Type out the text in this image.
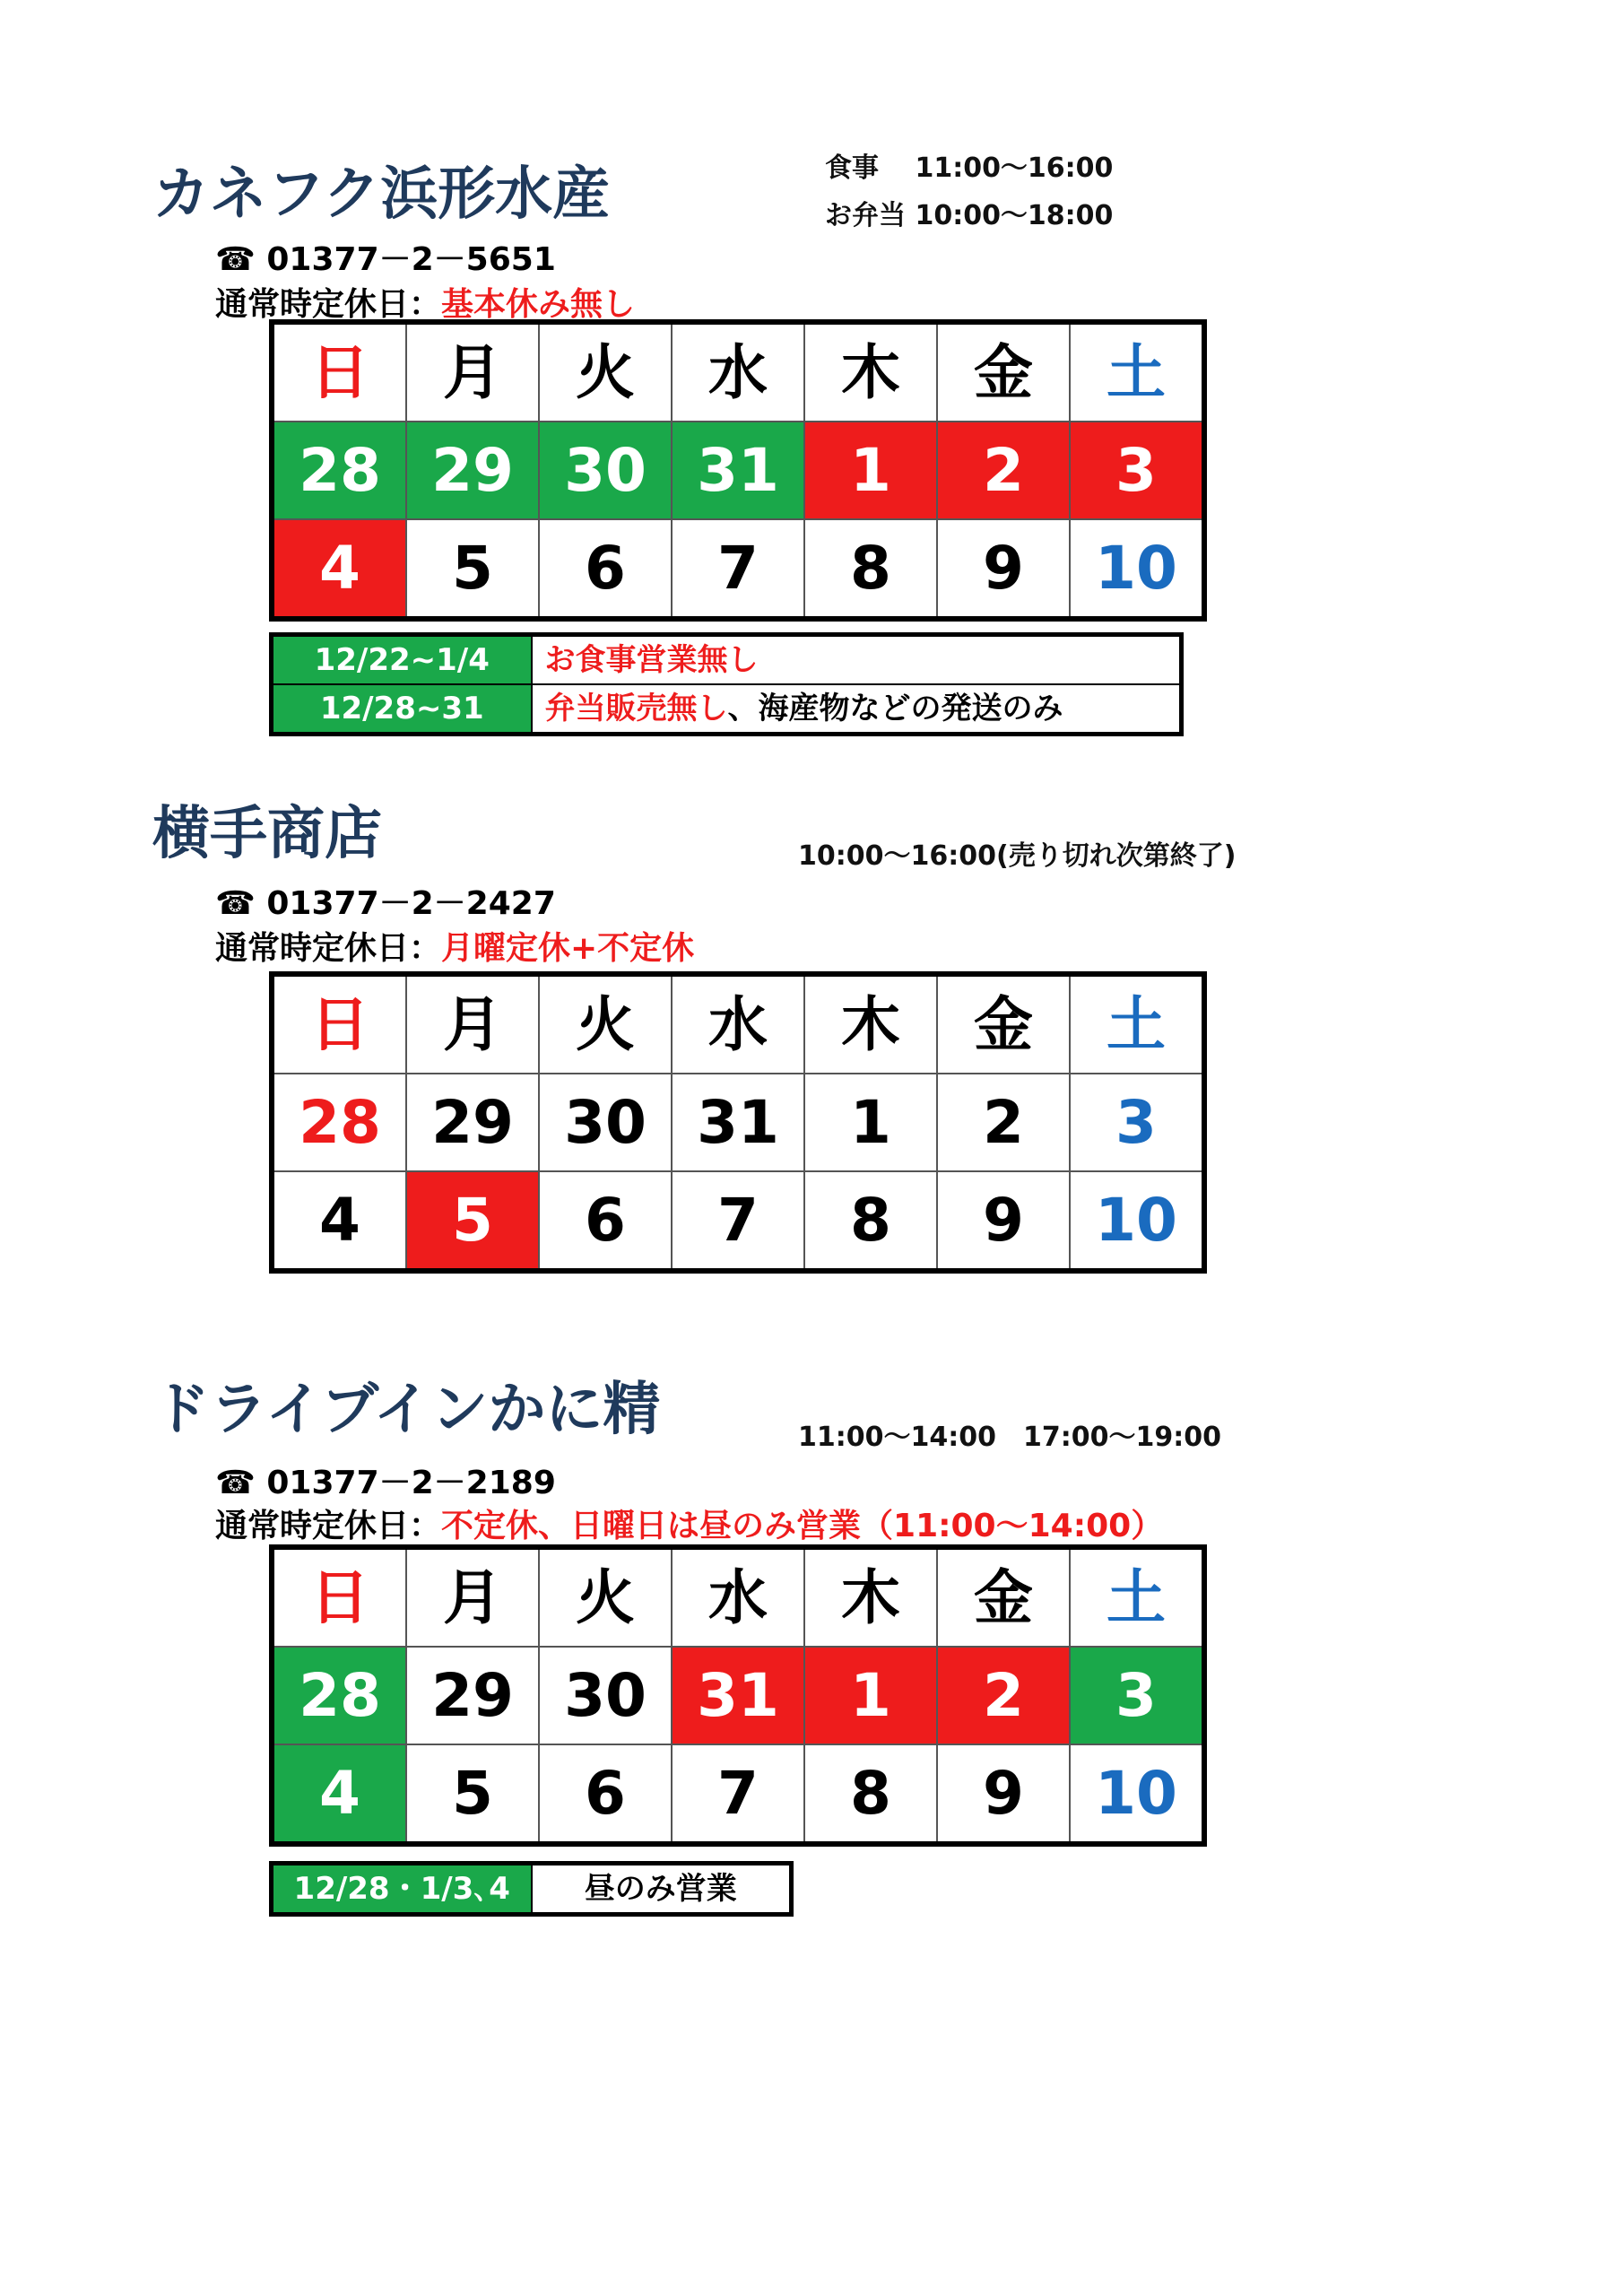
カネフク浜形水産	食事　 11:00〜16:00
お弁当 10:00〜18:00
☎ 01377－2－5651
通常時定休日：基本休み無し
日	月	火	水	木	金	土
28	29	30	31	1	2	3
4	5	6	7	8	9	10
12/22~1/4	お食事営業無し
12/28~31	弁当販売無し、海産物などの発送のみ
横手商店	10:00〜16:00(売り切れ次第終了)
☎ 01377－2－2427
通常時定休日：月曜定休+不定休
日	月	火	水	木	金	土
28	29	30	31	1	2	3
4	5	6	7	8	9	10
ドライブインかに精	11:00〜14:00　17:00〜19:00
☎ 01377－2－2189
通常時定休日：不定休、日曜日は昼のみ営業（11:00〜14:00）
日	月	火	水	木	金	土
28	29	30	31	1	2	3
4	5	6	7	8	9	10
12/28・1/3､4	昼のみ営業
